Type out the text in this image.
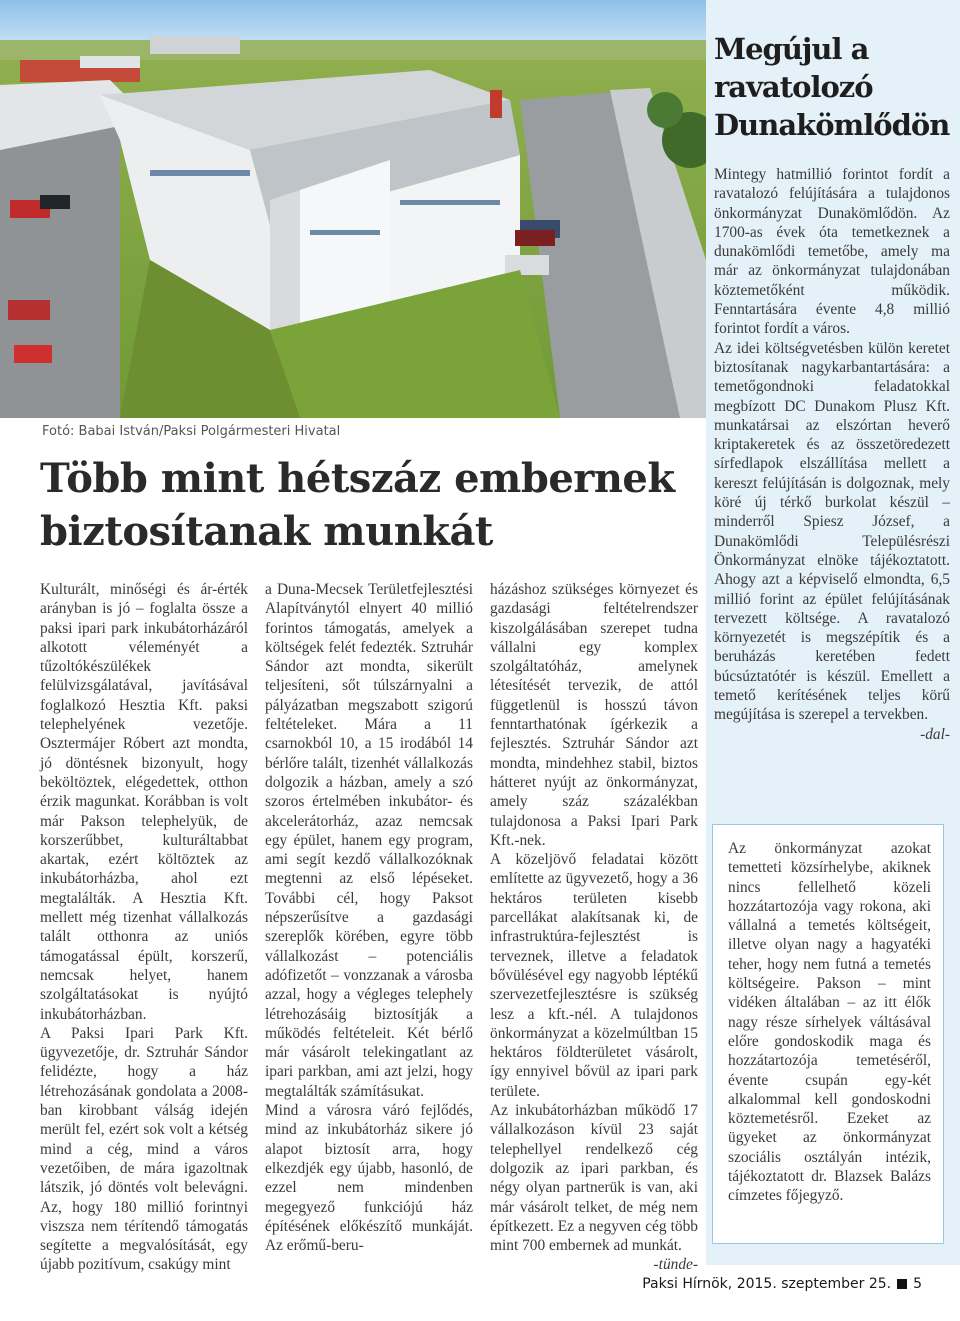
Fotó: Babai István/Paksi Polgármesteri Hivatal
Több mint hétszáz embernek
biztosítanak munkát

Kulturált, minőségi és ár-érték arányban is jó – foglalta össze a paksi ipari park inkubátorházáról alkotott véleményét a tűzoltókészülékek felülvizsgálatával, javításával foglalkozó Hesztia Kft. paksi telephelyének vezetője. Osztermájer Róbert azt mondta, jó döntésnek bizonyult, hogy beköltöztek, elégedettek, otthon érzik magunkat. Korábban is volt már Pakson telephelyük, de korszerűbbet, kulturáltabbat akartak, ezért költöztek az inkubátorházba, ahol ezt megtalálták. A Hesztia Kft. mellett még tizenhat vállalkozás talált otthonra az uniós támogatással épült, korszerű, nemcsak helyet, hanem szolgáltatásokat is nyújtó inkubátorházban.

A Paksi Ipari Park Kft. ügyvezetője, dr. Sztruhár Sándor felidézte, hogy a ház létrehozásának gondolata a 2008-ban kirobbant válság idején merült fel, ezért sok volt a kétség mind a cég, mind a város vezetőiben, de mára igazoltnak látszik, jó döntés volt belevágni. Az, hogy 180 millió forintnyi viszsza nem térítendő támogatás segítette a megvalósítását, egy újabb pozitívum, csakúgy mint

a Duna-Mecsek Területfejlesztési Alapítványtól elnyert 40 millió forintos támogatás, amelyek a költségek felét fedezték. Sztruhár Sándor azt mondta, sikerült teljesíteni, sőt túlszárnyalni a pályázatban megszabott szigorú feltételeket. Mára a 11 csarnokból 10, a 15 irodából 14 bérlőre talált, tizenhét vállalkozás dolgozik a házban, amely a szó szoros értelmében inkubátor- és akcelerátorház, azaz nemcsak egy épület, hanem egy program, ami segít kezdő vállalkozóknak megtenni az első lépéseket. További cél, hogy Paksot népszerűsítve a gazdasági szereplők körében, egyre több vállalkozást – potenciális adófizetőt – vonzzanak a városba azzal, hogy a végleges telephely létrehozásáig biztosítják a működés feltételeit. Két bérlő már vásárolt telekingatlant az ipari parkban, ami azt jelzi, hogy megtalálták számításukat.

Mind a városra váró fejlődés, mind az inkubátorház sikere jó alapot biztosít arra, hogy elkezdjék egy újabb, hasonló, de ezzel nem mindenben megegyező funkciójú ház építésének előkészítő munkáját. Az erőmű-beru-

házáshoz szükséges környezet és gazdasági feltételrendszer kiszolgálásában szerepet tudna vállalni egy komplex szolgáltatóház, amelynek létesítését tervezik, de attól függetlenül is hosszú távon fenntarthatónak ígérkezik a fejlesztés. Sztruhár Sándor azt mondta, mindehhez stabil, biztos hátteret nyújt az önkormányzat, amely száz százalékban tulajdonosa a Paksi Ipari Park Kft.-nek.

A közeljövő feladatai között említette az ügyvezető, hogy a 36 hektáros területen kisebb parcellákat alakítsanak ki, de infrastruktúra-fejlesztést is terveznek, illetve a feladatok bővülésével egy nagyobb léptékű szervezetfejlesztésre is szükség lesz a kft.-nél. A tulajdonos önkormányzat a közelmúltban 15 hektáros földterületet vásárolt, így ennyivel bővül az ipari park területe.

Az inkubátorházban működő 17 vállalkozáson kívül 23 saját telephellyel rendelkező cég dolgozik az ipari parkban, és négy olyan partnerük is van, aki már vásárolt telket, de még nem építkezett. Ez a negyven cég több mint 700 embernek ad munkát.

-tünde-

Megújul a ravatolozó Dunakömlődön

Mintegy hatmillió forintot fordít a ravatalozó felújítására a tulajdonos önkormányzat Dunakömlődön. Az 1700-as évek óta temetkeznek a dunakömlődi temetőbe, amely ma már az önkormányzat tulajdonában köztemetőként működik. Fenntartására évente 4,8 millió forintot fordít a város.

Az idei költségvetésben külön keretet biztosítanak nagykarbantartására: a temetőgondnoki feladatokkal megbízott DC Dunakom Plusz Kft. munkatársai az elszórtan heverő kriptakeretek és az összetöredezett sírfedlapok elszállítása mellett a kereszt felújításán is dolgoznak, mely köré új térkő burkolat készül – minderről Spiesz József, a Dunakömlődi Településrészi Önkormányzat elnöke tájékoztatott. Ahogy azt a képviselő elmondta, 6,5 millió forint az épület felújításának tervezett költsége. A ravatalozó környezetét is megszépítik és a beruházás keretében fedett búcsúztatótér is készül. Emellett a temető kerítésének teljes körű megújítása is szerepel a tervekben.

-dal-

Az önkormányzat azokat temetteti közsírhelybe, akiknek nincs fellelhető közeli hozzátartozója vagy rokona, aki vállalná a temetés költségeit, illetve olyan nagy a hagyatéki teher, hogy nem futná a temetés költségeire. Pakson – mint vidéken általában – az itt élők nagy része sírhelyek váltásával előre gondoskodik maga és hozzátartozója temetéséről, évente csupán egy-két alkalommal kell gondoskodni köztemetésről. Ezeket az ügyeket az önkormányzat szociális osztályán intézik, tájékoztatott dr. Blazsek Balázs címzetes főjegyző.

Paksi Hírnök, 2015. szeptember 25. 5
